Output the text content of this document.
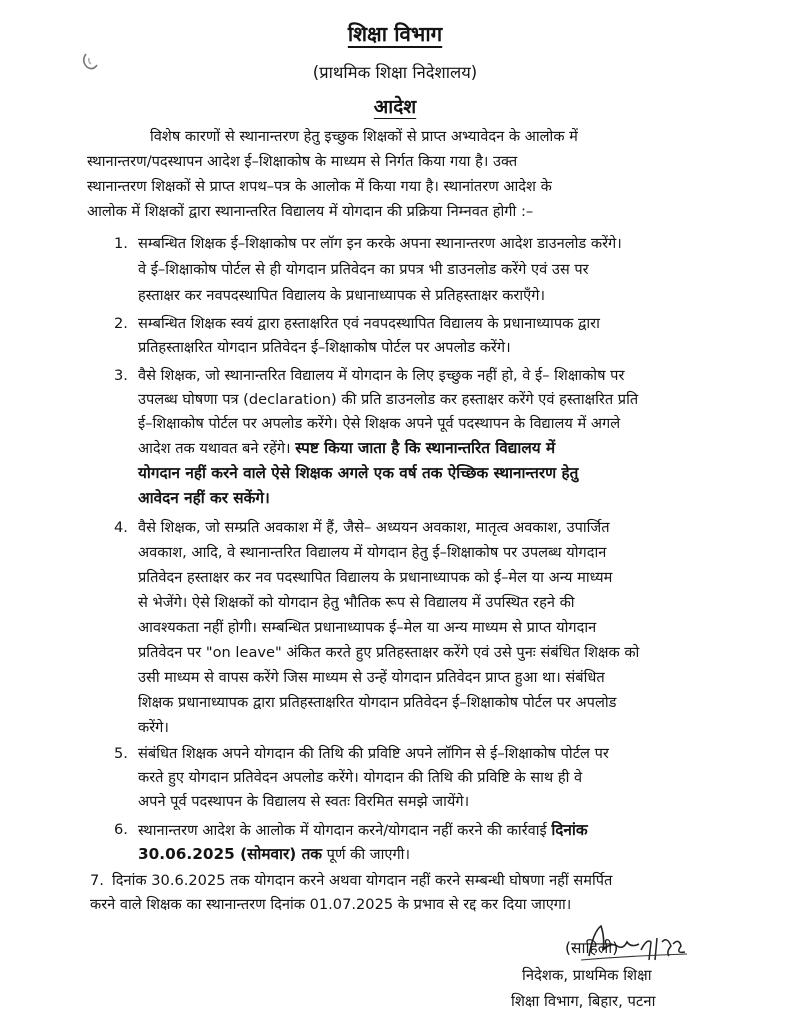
शिक्षा विभाग
(प्राथमिक शिक्षा निदेशालय)
आदेश
विशेष कारणों से स्थानान्तरण हेतु इच्छुक शिक्षकों से प्राप्त अभ्यावेदन के आलोक में
स्थानान्तरण/पदस्थापन आदेश ई–शिक्षाकोष के माध्यम से निर्गत किया गया है। उक्त
स्थानान्तरण शिक्षकों से प्राप्त शपथ–पत्र के आलोक में किया गया है। स्थानांतरण आदेश के
आलोक में शिक्षकों द्वारा स्थानान्तरित विद्यालय में योगदान की प्रक्रिया निम्नवत होगी :–
1. सम्बन्धित शिक्षक ई–शिक्षाकोष पर लॉग इन करके अपना स्थानान्तरण आदेश डाउनलोड करेंगे।
वे ई–शिक्षाकोष पोर्टल से ही योगदान प्रतिवेदन का प्रपत्र भी डाउनलोड करेंगे एवं उस पर
हस्ताक्षर कर नवपदस्थापित विद्यालय के प्रधानाध्यापक से प्रतिहस्ताक्षर कराएँगे।
2. सम्बन्धित शिक्षक स्वयं द्वारा हस्ताक्षरित एवं नवपदस्थापित विद्यालय के प्रधानाध्यापक द्वारा
प्रतिहस्ताक्षरित योगदान प्रतिवेदन ई–शिक्षाकोष पोर्टल पर अपलोड करेंगे।
3. वैसे शिक्षक, जो स्थानान्तरित विद्यालय में योगदान के लिए इच्छुक नहीं हो, वे ई– शिक्षाकोष पर
उपलब्ध घोषणा पत्र (declaration) की प्रति डाउनलोड कर हस्ताक्षर करेंगे एवं हस्ताक्षरित प्रति
ई–शिक्षाकोष पोर्टल पर अपलोड करेंगे। ऐसे शिक्षक अपने पूर्व पदस्थापन के विद्यालय में अगले
आदेश तक यथावत बने रहेंगे। स्पष्ट किया जाता है कि स्थानान्तरित विद्यालय में
योगदान नहीं करने वाले ऐसे शिक्षक अगले एक वर्ष तक ऐच्छिक स्थानान्तरण हेतु
आवेदन नहीं कर सकेंगे।
4. वैसे शिक्षक, जो सम्प्रति अवकाश में हैं, जैसे– अध्ययन अवकाश, मातृत्व अवकाश, उपार्जित
अवकाश, आदि, वे स्थानान्तरित विद्यालय में योगदान हेतु ई–शिक्षाकोष पर उपलब्ध योगदान
प्रतिवेदन हस्ताक्षर कर नव पदस्थापित विद्यालय के प्रधानाध्यापक को ई–मेल या अन्य माध्यम
से भेजेंगे। ऐसे शिक्षकों को योगदान हेतु भौतिक रूप से विद्यालय में उपस्थित रहने की
आवश्यकता नहीं होगी। सम्बन्धित प्रधानाध्यापक ई–मेल या अन्य माध्यम से प्राप्त योगदान
प्रतिवेदन पर "on leave" अंकित करते हुए प्रतिहस्ताक्षर करेंगे एवं उसे पुनः संबंधित शिक्षक को
उसी माध्यम से वापस करेंगे जिस माध्यम से उन्हें योगदान प्रतिवेदन प्राप्त हुआ था। संबंधित
शिक्षक प्रधानाध्यापक द्वारा प्रतिहस्ताक्षरित योगदान प्रतिवेदन ई–शिक्षाकोष पोर्टल पर अपलोड
करेंगे।
5. संबंधित शिक्षक अपने योगदान की तिथि की प्रविष्टि अपने लॉगिन से ई–शिक्षाकोष पोर्टल पर
करते हुए योगदान प्रतिवेदन अपलोड करेंगे। योगदान की तिथि की प्रविष्टि के साथ ही वे
अपने पूर्व पदस्थापन के विद्यालय से स्वतः विरमित समझे जायेंगे।
6. स्थानान्तरण आदेश के आलोक में योगदान करने/योगदान नहीं करने की कार्रवाई दिनांक
30.06.2025 (सोमवार) तक पूर्ण की जाएगी।
7. दिनांक 30.6.2025 तक योगदान करने अथवा योगदान नहीं करने सम्बन्धी घोषणा नहीं समर्पित
करने वाले शिक्षक का स्थानान्तरण दिनांक 01.07.2025 के प्रभाव से रद्द कर दिया जाएगा।
(साहिली)
निदेशक, प्राथमिक शिक्षा
शिक्षा विभाग, बिहार, पटना
